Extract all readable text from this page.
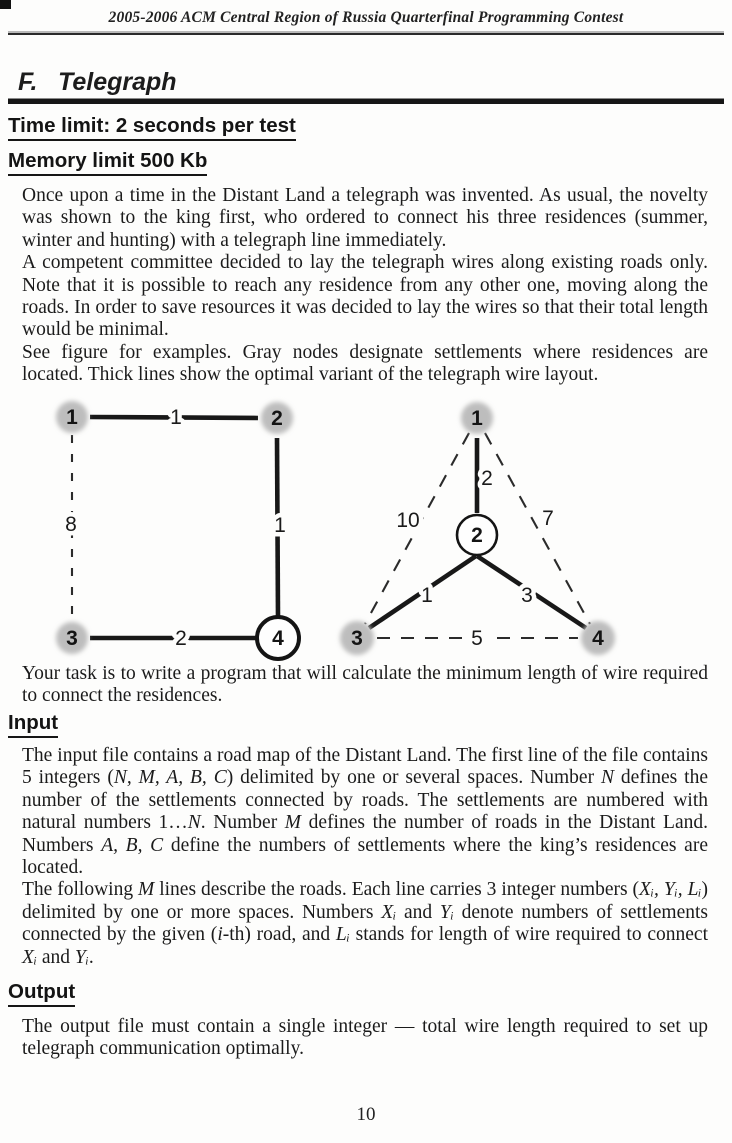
2005-2006 ACM Central Region of Russia Quarterfinal Programming Contest
F. Telegraph
Time limit: 2 seconds per test
Memory limit 500 Kb

Once upon a time in the Distant Land a telegraph was invented. As usual, the novelty was shown to the king first, who ordered to connect his three residences (summer, winter and hunting) with a telegraph line immediately.

A competent committee decided to lay the telegraph wires along existing roads only. Note that it is possible to reach any residence from any other one, moving along the roads. In order to save resources it was decided to lay the wires so that their total length would be minimal.

See figure for examples. Gray nodes designate settlements where residences are located. Thick lines show the optimal variant of the telegraph wire layout.

1	2
3	4
1
8	1
2
1
2
3	4
2
10	7
1	3
5

Your task is to write a program that will calculate the minimum length of wire required to connect the residences.

Input

The input file contains a road map of the Distant Land. The first line of the file contains 5 integers (N, M, A, B, C) delimited by one or several spaces. Number N defines the number of the settlements connected by roads. The settlements are numbered with natural numbers 1…N. Number M defines the number of roads in the Distant Land. Numbers A, B, C define the numbers of settlements where the king’s residences are located.

The following M lines describe the roads. Each line carries 3 integer numbers (Xᵢ, Yᵢ, Lᵢ) delimited by one or more spaces. Numbers Xᵢ and Yᵢ denote numbers of settlements connected by the given (i-th) road, and Lᵢ stands for length of wire required to connect Xᵢ and Yᵢ.

Output

The output file must contain a single integer — total wire length required to set up telegraph communication optimally.

10
